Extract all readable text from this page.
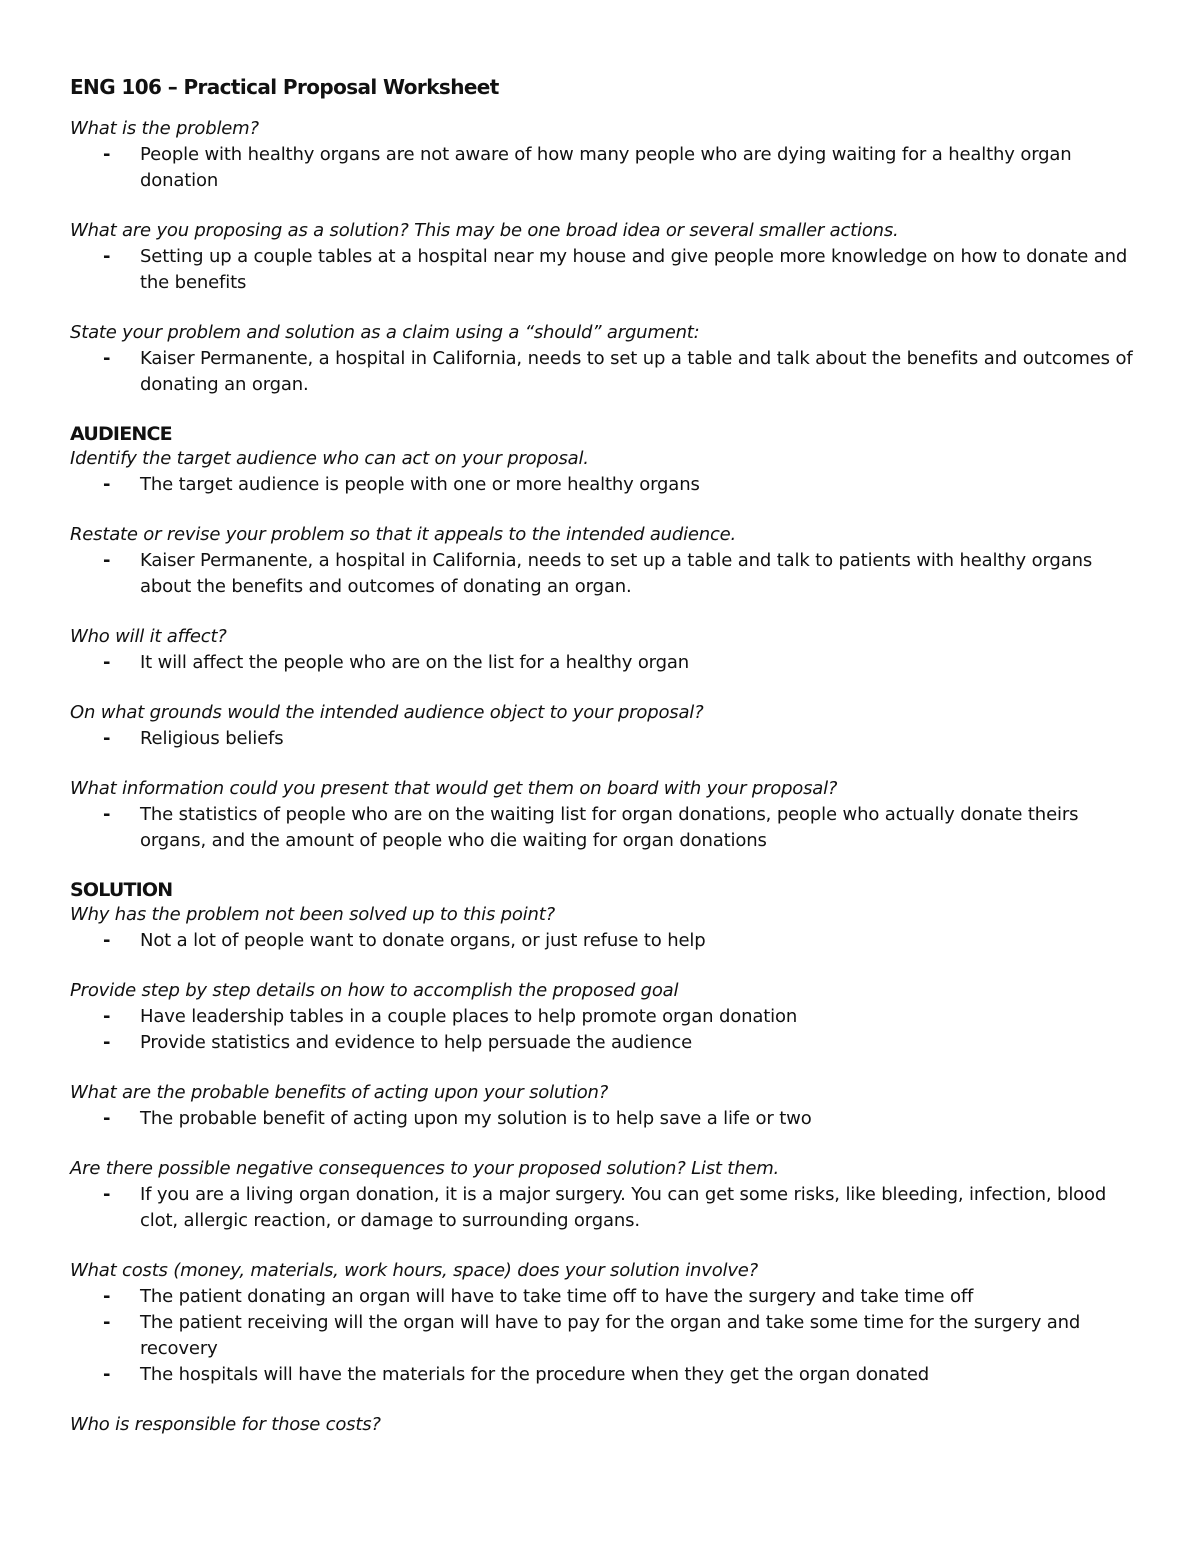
ENG 106 – Practical Proposal Worksheet
What is the problem?
- People with healthy organs are not aware of how many people who are dying waiting for a healthy organ donation
What are you proposing as a solution? This may be one broad idea or several smaller actions.
- Setting up a couple tables at a hospital near my house and give people more knowledge on how to donate and the benefits
State your problem and solution as a claim using a “should” argument:
- Kaiser Permanente, a hospital in California, needs to set up a table and talk about the benefits and outcomes of donating an organ.
AUDIENCE
Identify the target audience who can act on your proposal.
- The target audience is people with one or more healthy organs
Restate or revise your problem so that it appeals to the intended audience.
- Kaiser Permanente, a hospital in California, needs to set up a table and talk to patients with healthy organs about the benefits and outcomes of donating an organ.
Who will it affect?
- It will affect the people who are on the list for a healthy organ
On what grounds would the intended audience object to your proposal?
- Religious beliefs
What information could you present that would get them on board with your proposal?
- The statistics of people who are on the waiting list for organ donations, people who actually donate theirs organs, and the amount of people who die waiting for organ donations
SOLUTION
Why has the problem not been solved up to this point?
- Not a lot of people want to donate organs, or just refuse to help
Provide step by step details on how to accomplish the proposed goal
- Have leadership tables in a couple places to help promote organ donation
- Provide statistics and evidence to help persuade the audience
What are the probable benefits of acting upon your solution?
- The probable benefit of acting upon my solution is to help save a life or two
Are there possible negative consequences to your proposed solution? List them.
- If you are a living organ donation, it is a major surgery. You can get some risks, like bleeding, infection, blood clot, allergic reaction, or damage to surrounding organs.
What costs (money, materials, work hours, space) does your solution involve?
- The patient donating an organ will have to take time off to have the surgery and take time off
- The patient receiving will the organ will have to pay for the organ and take some time for the surgery and recovery
- The hospitals will have the materials for the procedure when they get the organ donated
Who is responsible for those costs?
